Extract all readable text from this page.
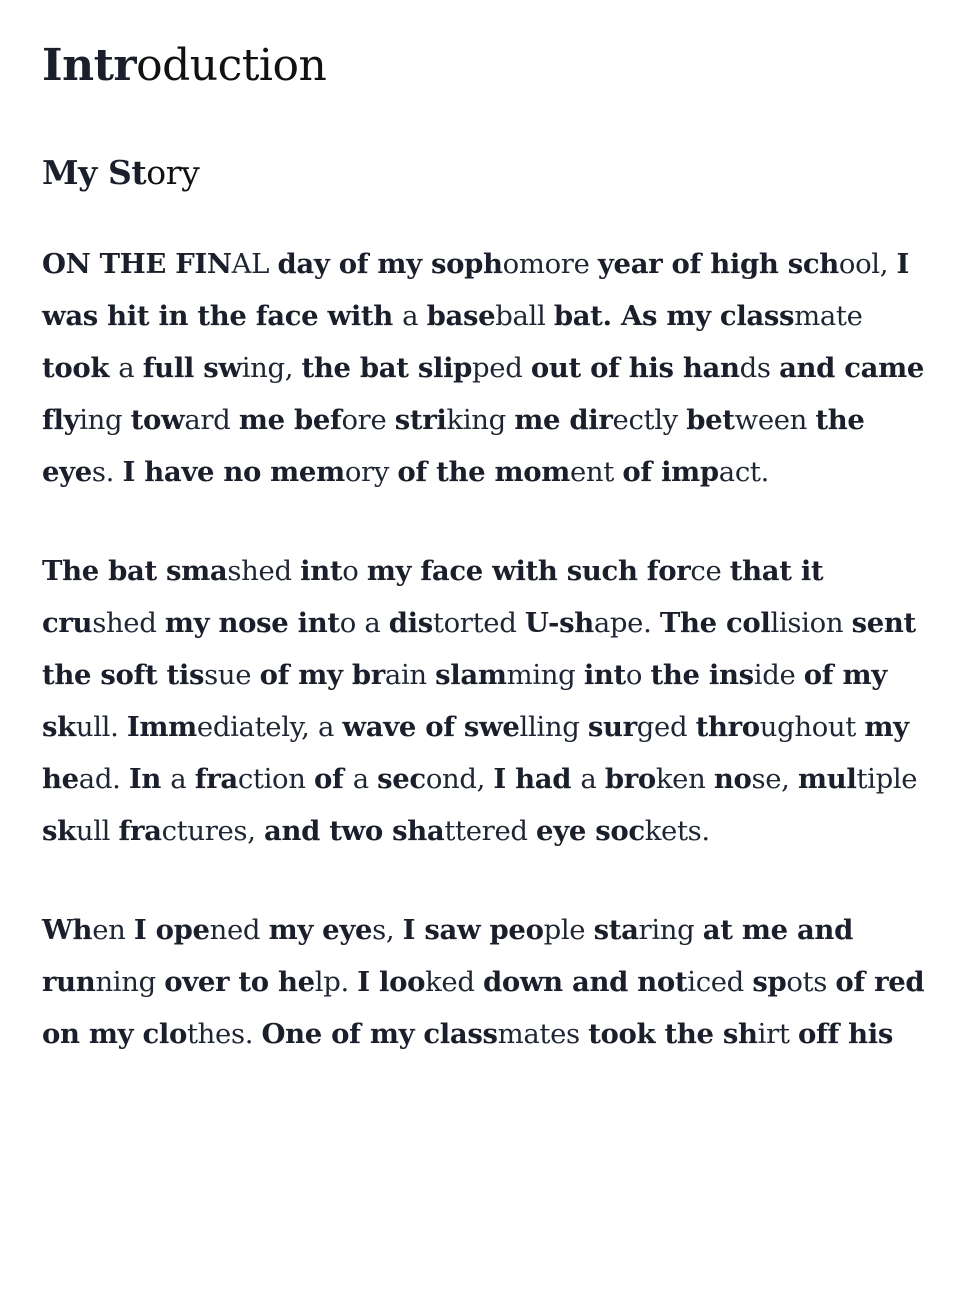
Introduction
My Story

ON THE FINAL day of my sophomore year of high school, I was hit in the face with a baseball bat. As my classmate took a full swing, the bat slipped out of his hands and came flying toward me before striking me directly between the eyes. I have no memory of the moment of impact.

The bat smashed into my face with such force that it crushed my nose into a distorted U-shape. The collision sent the soft tissue of my brain slamming into the inside of my skull. Immediately, a wave of swelling surged throughout my head. In a fraction of a second, I had a broken nose, multiple skull fractures, and two shattered eye sockets.

When I opened my eyes, I saw people staring at me and running over to help. I looked down and noticed spots of red on my clothes. One of my classmates took the shirt off his
